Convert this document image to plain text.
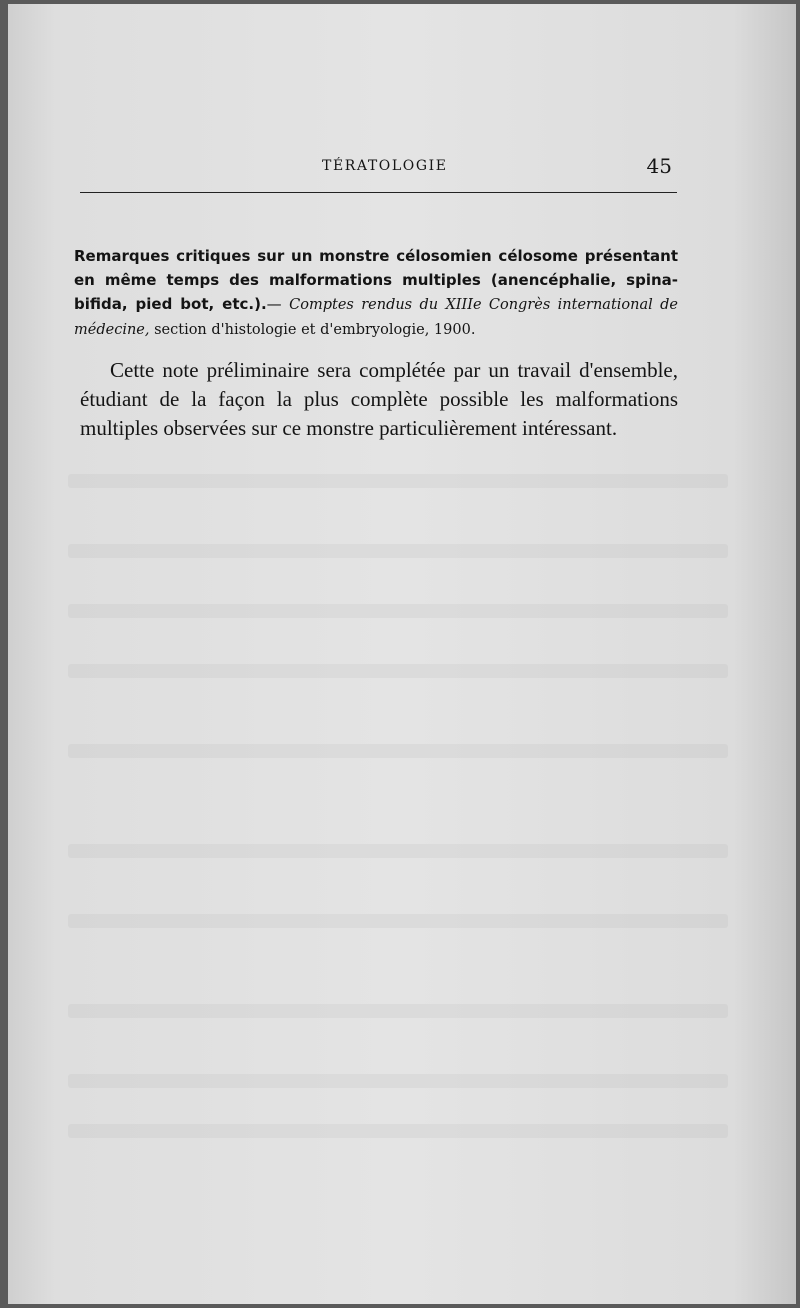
TÉRATOLOGIE	45
Remarques critiques sur un monstre célosomien célosome présentant en même temps des malformations multiples (anencéphalie, spina-bifida, pied bot, etc.).— Comptes rendus du XIIIe Congrès international de médecine, section d'histologie et d'embryologie, 1900.

Cette note préliminaire sera complétée par un travail d'ensemble, étudiant de la façon la plus complète possible les malformations multiples observées sur ce monstre particulièrement intéressant.
